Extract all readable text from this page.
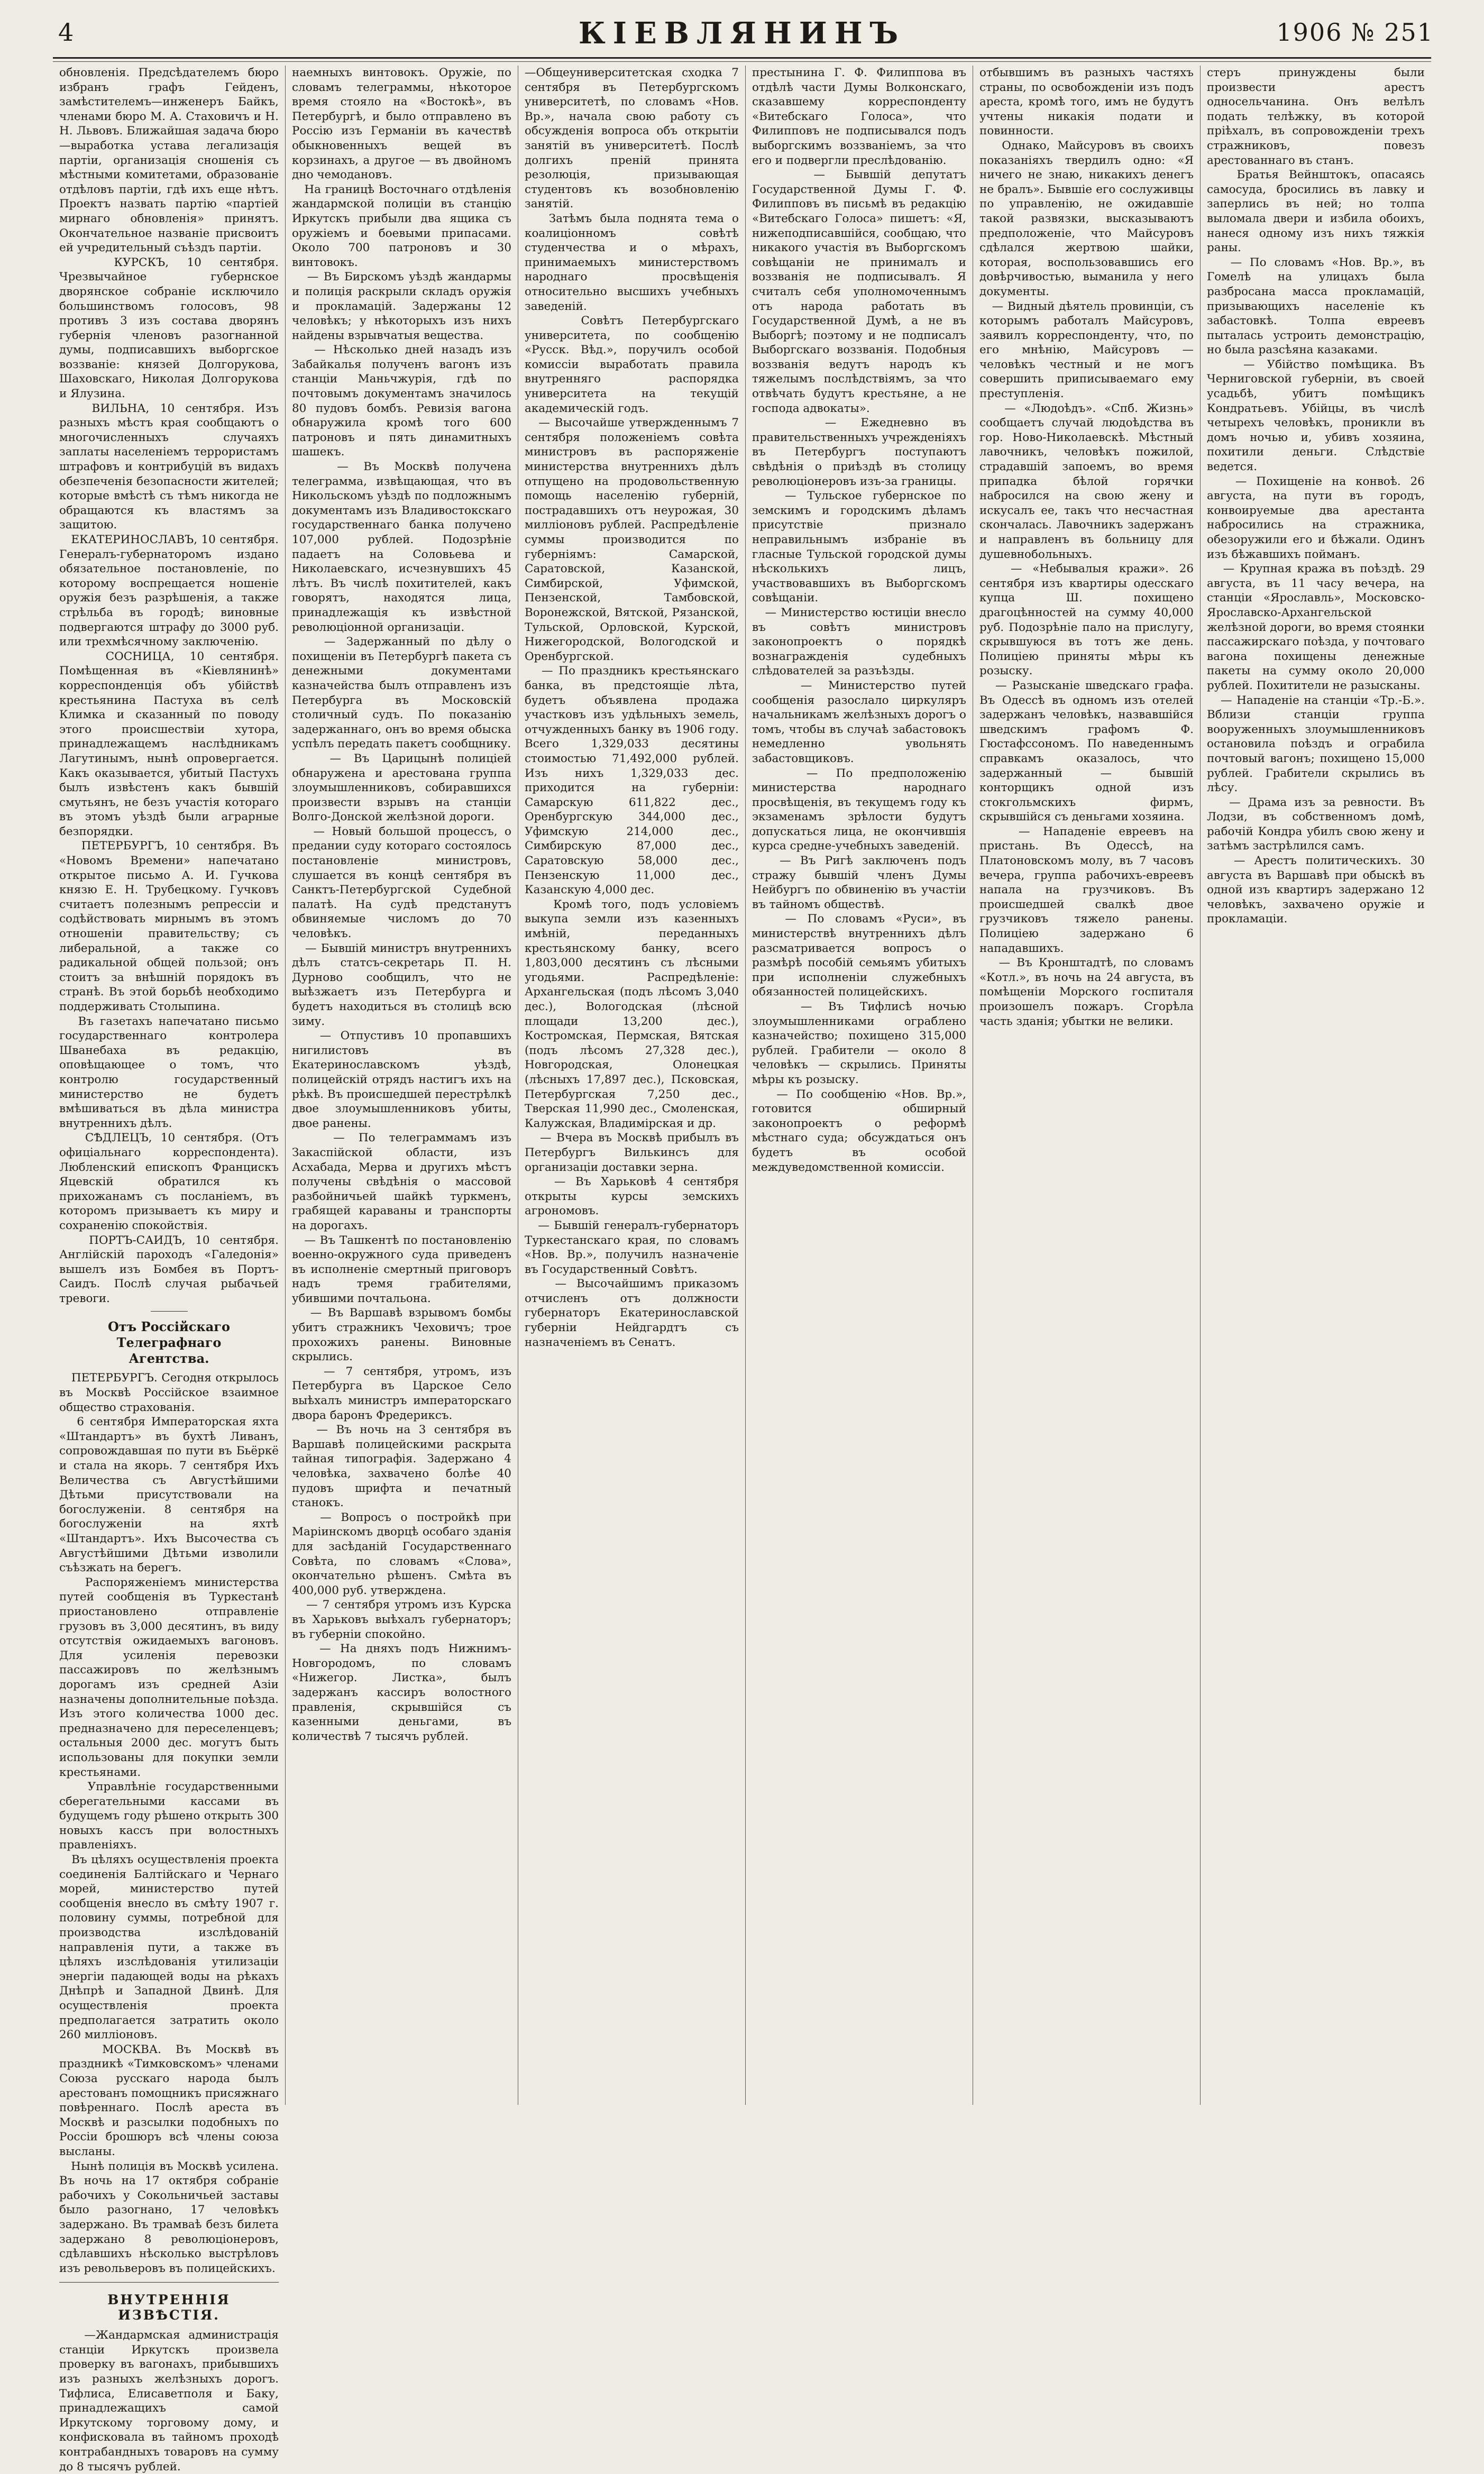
4	КІЕВЛЯНИНЪ	1906 № 251
обновленія. Предсѣдателемъ бюро избранъ графъ Гейденъ, замѣстителемъ—инженеръ Байкъ, членами бюро М. А. Стаховичъ и Н. Н. Львовъ. Ближайшая задача бюро—выработка устава легализація партіи, организація сношенія съ мѣстными комитетами, образованіе отдѣловъ партіи, гдѣ ихъ еще нѣтъ. Проектъ назвать партію «партіей мирнаго обновленія» принятъ. Окончательное названіе присвоитъ ей учредительный съѣздъ партіи.
КУРСКЪ, 10 сентября. Чрезвычайное губернское дворянское собраніе исключило большинствомъ голосовъ, 98 противъ 3 изъ состава дворянъ губернія членовъ разогнанной думы, подписавшихъ выборгское воззваніе: князей Долгорукова, Шаховскаго, Николая Долгорукова и Ялузина.
ВИЛЬНА, 10 сентября. Изъ разныхъ мѣстъ края сообщаютъ о многочисленныхъ случаяхъ заплаты населеніемъ террористамъ штрафовъ и контрибуцій въ видахъ обезпеченія безопасности жителей; которые вмѣстѣ съ тѣмъ никогда не обращаются къ властямъ за защитою.
ЕКАТЕРИНОСЛАВЪ, 10 сентября. Генералъ-губернаторомъ издано обязательное постановленіе, по которому воспрещается ношеніе оружія безъ разрѣшенія, а также стрѣльба въ городѣ; виновные подвергаются штрафу до 3000 руб. или трехмѣсячному заключенію.
СОСНИЦА, 10 сентября. Помѣщенная въ «Кіевлянинѣ» корреспонденція объ убійствѣ крестьянина Пастуха въ селѣ Климка и сказанный по поводу этого происшествіи хутора, принадлежащемъ наслѣдникамъ Лагутинымъ, нынѣ опровергается. Какъ оказывается, убитый Пастухъ былъ извѣстенъ какъ бывшій смутьянъ, не безъ участія котораго въ этомъ уѣздѣ были аграрные безпорядки.
ПЕТЕРБУРГЪ, 10 сентября. Въ «Новомъ Времени» напечатано открытое письмо А. И. Гучкова князю Е. Н. Трубецкому. Гучковъ считаетъ полезнымъ репрессіи и содѣйствовать мирнымъ въ этомъ отношеніи правительству; съ либеральной, а также со радикальной общей пользой; онъ стоитъ за внѣшній порядокъ въ странѣ. Въ этой борьбѣ необходимо поддерживать Столыпина.
Въ газетахъ напечатано письмо государственнаго контролера Шванебаха въ редакцію, оповѣщающее о томъ, что контролю государственный министерство не будетъ вмѣшиваться въ дѣла министра внутреннихъ дѣлъ.
СѢДЛЕЦЪ, 10 сентября. (Отъ офиціальнаго корреспондента). Любленский епископъ Францискъ Яцевскій обратился къ прихожанамъ съ посланіемъ, въ которомъ призываетъ къ миру и сохраненію спокойствія.
ПОРТЪ-САИДЪ, 10 сентября. Англійскій пароходъ «Галедонія» вышелъ изъ Бомбея въ Портъ-Саидъ. Послѣ случая рыбачьей тревоги.
Отъ Россійскаго Телеграфнаго
Агентства.
ПЕТЕРБУРГЪ. Сегодня открылось въ Москвѣ Россійское взаимное общество страхованія.
6 сентября Императорская яхта «Штандартъ» въ бухтѣ Ливанъ, сопровождавшая по пути въ Бьёркё и стала на якорь. 7 сентября Ихъ Величества съ Августѣйшими Дѣтьми присутствовали на богослуженіи. 8 сентября на богослуженіи на яхтѣ «Штандартъ». Ихъ Высочества съ Августѣйшими Дѣтьми изволили съѣзжать на берегъ.
Распоряженіемъ министерства путей сообщенія въ Туркестанѣ приостановлено отправленіе грузовъ въ 3,000 десятинъ, въ виду отсутствія ожидаемыхъ вагоновъ. Для усиленія перевозки пассажировъ по желѣзнымъ дорогамъ изъ средней Азіи назначены дополнительные поѣзда. Изъ этого количества 1000 дес. предназначено для переселенцевъ; остальныя 2000 дес. могутъ быть использованы для покупки земли крестьянами.
Управлѣніе государственными сберегательными кассами въ будущемъ году рѣшено открыть 300 новыхъ кассъ при волостныхъ правленіяхъ.
Въ цѣляхъ осуществленія проекта соединенія Балтійскаго и Чернаго морей, министерство путей сообщенія внесло въ смѣту 1907 г. половину суммы, потребной для производства изслѣдованій направленія пути, а также въ цѣляхъ изслѣдованія утилизаціи энергіи падающей воды на рѣкахъ Днѣпрѣ и Западной Двинѣ. Для осуществленія проекта предполагается затратить около 260 милліоновъ.
МОСКВА. Въ Москвѣ въ праздникѣ «Тимковскомъ» членами Союза русскаго народа былъ арестованъ помощникъ присяжнаго повѣреннаго. Послѣ ареста въ Москвѣ и разсылки подобныхъ по Россіи брошюръ всѣ члены союза высланы.
Нынѣ полиція въ Москвѣ усилена. Въ ночь на 17 октября собраніе рабочихъ у Сокольничьей заставы было разогнано, 17 человѣкъ задержано. Въ трамваѣ безъ билета задержано 8 революціонеровъ, сдѣлавшихъ нѣсколько выстрѣловъ изъ револьверовъ въ полицейскихъ.
ВНУТРЕННІЯ ИЗВѢСТІЯ.
—Жандармская администрація станціи Иркутскъ произвела проверку въ вагонахъ, прибывшихъ изъ разныхъ желѣзныхъ дорогъ. Тифлиса, Елисаветполя и Баку, принадлежащихъ самой Иркутскому торговому дому, и конфисковала въ тайномъ проходѣ контрабандныхъ товаровъ на сумму до 8 тысячъ рублей.
наемныхъ винтовокъ. Оружіе, по словамъ телеграммы, нѣкоторое время стояло на «Востокѣ», въ Петербургѣ, и было отправлено въ Россію изъ Германіи въ качествѣ обыкновенныхъ вещей въ корзинахъ, а другое — въ двойномъ дно чемодановъ.
На границѣ Восточнаго отдѣленія жандармской полиціи въ станцію Иркутскъ прибыли два ящика съ оружіемъ и боевыми припасами. Около 700 патроновъ и 30 винтовокъ.
— Въ Бирскомъ уѣздѣ жандармы и полиція раскрыли складъ оружія и прокламацій. Задержаны 12 человѣкъ; у нѣкоторыхъ изъ нихъ найдены взрывчатыя вещества.
— Нѣсколько дней назадъ изъ Забайкалья полученъ вагонъ изъ станціи Маньчжурія, гдѣ по почтовымъ документамъ значилось 80 пудовъ бомбъ. Ревизія вагона обнаружила кромѣ того 600 патроновъ и пять динамитныхъ шашекъ.
— Въ Москвѣ получена телеграмма, извѣщающая, что въ Никольскомъ уѣздѣ по подложнымъ документамъ изъ Владивостокскаго государственнаго банка получено 107,000 рублей. Подозрѣніе падаетъ на Соловьева и Николаевскаго, исчезнувшихъ 45 лѣтъ. Въ числѣ похитителей, какъ говорятъ, находятся лица, принадлежащія къ извѣстной революціонной организаціи.
— Задержанный по дѣлу о похищеніи въ Петербургѣ пакета съ денежными документами казначейства былъ отправленъ изъ Петербурга въ Московскій столичный судъ. По показанію задержаннаго, онъ во время обыска успѣлъ передать пакетъ сообщнику.
— Въ Царицынѣ полиціей обнаружена и арестована группа злоумышленниковъ, собиравшихся произвести взрывъ на станціи Волго-Донской желѣзной дороги.
— Новый большой процессъ, о предании суду котораго состоялось постановленіе министровъ, слушается въ концѣ сентября въ Санктъ-Петербургской Судебной палатѣ. На судѣ предстанутъ обвиняемые числомъ до 70 человѣкъ.
— Бывшій министръ внутреннихъ дѣлъ статсъ-секретарь П. Н. Дурново сообщилъ, что не выѣзжаетъ изъ Петербурга и будетъ находиться въ столицѣ всю зиму.
— Отпустивъ 10 пропавшихъ нигилистовъ въ Екатеринославскомъ уѣздѣ, полицейскій отрядъ настигъ ихъ на рѣкѣ. Въ происшедшей перестрѣлкѣ двое злоумышленниковъ убиты, двое ранены.
— По телеграммамъ изъ Закаспійской области, изъ Асхабада, Мерва и другихъ мѣстъ получены свѣдѣнія о массовой разбойничьей шайкѣ туркменъ, грабящей караваны и транспорты на дорогахъ.
— Въ Ташкентѣ по постановленію военно-окружного суда приведенъ въ исполненіе смертный приговоръ надъ тремя грабителями, убившими почтальона.
— Въ Варшавѣ взрывомъ бомбы убитъ стражникъ Чеховичъ; трое прохожихъ ранены. Виновные скрылись.
— 7 сентября, утромъ, изъ Петербурга въ Царское Село выѣхалъ министръ императорскаго двора баронъ Фредериксъ.
— Въ ночь на 3 сентября въ Варшавѣ полицейскими раскрыта тайная типографія. Задержано 4 человѣка, захвачено болѣе 40 пудовъ шрифта и печатный станокъ.
— Вопросъ о постройкѣ при Маріинскомъ дворцѣ особаго зданія для засѣданій Государственнаго Совѣта, по словамъ «Слова», окончательно рѣшенъ. Смѣта въ 400,000 руб. утверждена.
— 7 сентября утромъ изъ Курска въ Харьковъ выѣхалъ губернаторъ; въ губерніи спокойно.
— На дняхъ подъ Нижнимъ-Новгородомъ, по словамъ «Нижегор. Листка», былъ задержанъ кассиръ волостного правленія, скрывшійся съ казенными деньгами, въ количествѣ 7 тысячъ рублей.
—Общеуниверситетская сходка 7 сентября въ Петербургскомъ университетѣ, по словамъ «Нов. Вр.», начала свою работу съ обсужденія вопроса объ открытіи занятій въ университетѣ. Послѣ долгихъ преній принята резолюція, призывающая студентовъ къ возобновленію занятій.
Затѣмъ была поднята тема о коалиціонномъ совѣтѣ студенчества и о мѣрахъ, принимаемыхъ министерствомъ народнаго просвѣщенія относительно высшихъ учебныхъ заведеній.
Совѣтъ Петербургскаго университета, по сообщенію «Русск. Вѣд.», поручилъ особой комиссіи выработать правила внутренняго распорядка университета на текущій академическій годъ.
— Высочайше утвержденнымъ 7 сентября положеніемъ совѣта министровъ въ распоряженіе министерства внутреннихъ дѣлъ отпущено на продовольственную помощь населенію губерній, пострадавшихъ отъ неурожая, 30 милліоновъ рублей. Распредѣленіе суммы производится по губерніямъ: Самарской, Саратовской, Казанской, Симбирской, Уфимской, Пензенской, Тамбовской, Воронежской, Вятской, Рязанской, Тульской, Орловской, Курской, Нижегородской, Вологодской и Оренбургской.
— По праздникъ крестьянскаго банка, въ предстоящіе лѣта, будетъ объявлена продажа участковъ изъ удѣльныхъ земель, отчужденныхъ банку въ 1906 году. Всего 1,329,033 десятины стоимостью 71,492,000 рублей. Изъ нихъ 1,329,033 дес. приходится на губерніи: Самарскую 611,822 дес., Оренбургскую 344,000 дес., Уфимскую 214,000 дес., Симбирскую 87,000 дес., Саратовскую 58,000 дес., Пензенскую 11,000 дес., Казанскую 4,000 дес.
Кромѣ того, подъ условіемъ выкупа земли изъ казенныхъ имѣній, переданныхъ крестьянскому банку, всего 1,803,000 десятинъ съ лѣсными угодьями. Распредѣленіе: Архангельская (подъ лѣсомъ 3,040 дес.), Вологодская (лѣсной площади 13,200 дес.), Костромская, Пермская, Вятская (подъ лѣсомъ 27,328 дес.), Новгородская, Олонецкая (лѣсныхъ 17,897 дес.), Псковская, Петербургская 7,250 дес., Тверская 11,990 дес., Смоленская, Калужская, Владимірская и др.
— Вчера въ Москвѣ прибылъ въ Петербургъ Вилькинсъ для организаціи доставки зерна.
— Въ Харьковѣ 4 сентября открыты курсы земскихъ агрономовъ.
— Бывшій генералъ-губернаторъ Туркестанскаго края, по словамъ «Нов. Вр.», получилъ назначеніе въ Государственный Совѣтъ.
— Высочайшимъ приказомъ отчисленъ отъ должности губернаторъ Екатеринославской губерніи Нейдгардтъ съ назначеніемъ въ Сенатъ.
престынина Г. Ф. Филиппова въ отдѣлѣ части Думы Волконскаго, сказавшему корреспонденту «Витебскаго Голоса», что Филипповъ не подписывался подъ выборгскимъ воззваніемъ, за что его и подвергли преслѣдованію.
— Бывшій депутатъ Государственной Думы Г. Ф. Филипповъ въ письмѣ въ редакцію «Витебскаго Голоса» пишетъ: «Я, нижеподписавшійся, сообщаю, что никакого участія въ Выборгскомъ совѣщаніи не принималъ и воззванія не подписывалъ. Я считалъ себя уполномоченнымъ отъ народа работать въ Государственной Думѣ, а не въ Выборгѣ; поэтому и не подписалъ Выборгскаго воззванія. Подобныя воззванія ведутъ народъ къ тяжелымъ послѣдствіямъ, за что отвѣчать будутъ крестьяне, а не господа адвокаты».
— Ежедневно въ правительственныхъ учрежденіяхъ въ Петербургъ поступаютъ свѣдѣнія о приѣздѣ въ столицу революціонеровъ изъ-за границы.
— Тульское губернское по земскимъ и городскимъ дѣламъ присутствіе признало неправильнымъ избраніе въ гласные Тульской городской думы нѣсколькихъ лицъ, участвовавшихъ въ Выборгскомъ совѣщаніи.
— Министерство юстиціи внесло въ совѣтъ министровъ законопроектъ о порядкѣ вознагражденія судебныхъ слѣдователей за разъѣзды.
— Министерство путей сообщенія разослало циркуляръ начальникамъ желѣзныхъ дорогъ о томъ, чтобы въ случаѣ забастовокъ немедленно увольнять забастовщиковъ.
— По предположенію министерства народнаго просвѣщенія, въ текущемъ году къ экзаменамъ зрѣлости будутъ допускаться лица, не окончившія курса средне-учебныхъ заведеній.
— Въ Ригѣ заключенъ подъ стражу бывшій членъ Думы Нейбургъ по обвиненію въ участіи въ тайномъ обществѣ.
— По словамъ «Руси», въ министерствѣ внутреннихъ дѣлъ разсматривается вопросъ о размѣрѣ пособій семьямъ убитыхъ при исполненіи служебныхъ обязанностей полицейскихъ.
— Въ Тифлисѣ ночью злоумышленниками ограблено казначейство; похищено 315,000 рублей. Грабители — около 8 человѣкъ — скрылись. Приняты мѣры къ розыску.
— По сообщенію «Нов. Вр.», готовится обширный законопроектъ о реформѣ мѣстнаго суда; обсуждаться онъ будетъ въ особой междуведомственной комиссіи.
отбывшимъ въ разныхъ частяхъ страны, по освобожденіи изъ подъ ареста, кромѣ того, имъ не будутъ учтены никакія подати и повинности.
Однако, Майсуровъ въ своихъ показаніяхъ твердилъ одно: «Я ничего не знаю, никакихъ денегъ не бралъ». Бывшіе его сослуживцы по управленію, не ожидавшіе такой развязки, высказываютъ предположеніе, что Майсуровъ сдѣлался жертвою шайки, которая, воспользовавшись его довѣрчивостью, выманила у него документы.
— Видный дѣятель провинціи, съ которымъ работалъ Майсуровъ, заявилъ корреспонденту, что, по его мнѣнію, Майсуровъ — человѣкъ честный и не могъ совершить приписываемаго ему преступленія.
— «Людоѣдъ». «Спб. Жизнь» сообщаетъ случай людоѣдства въ гор. Ново-Николаевскѣ. Мѣстный лавочникъ, человѣкъ пожилой, страдавшій запоемъ, во время припадка бѣлой горячки набросился на свою жену и искусалъ ее, такъ что несчастная скончалась. Лавочникъ задержанъ и направленъ въ больницу для душевнобольныхъ.
— «Небывалыя кражи». 26 сентября изъ квартиры одесскаго купца Ш. похищено драгоцѣнностей на сумму 40,000 руб. Подозрѣніе пало на прислугу, скрывшуюся въ тотъ же день. Полиціею приняты мѣры къ розыску.
— Разысканіе шведскаго графа. Въ Одессѣ въ одномъ изъ отелей задержанъ человѣкъ, назвавшійся шведскимъ графомъ Ф. Гюстафссономъ. По наведеннымъ справкамъ оказалось, что задержанный — бывшій конторщикъ одной изъ стокгольмскихъ фирмъ, скрывшійся съ деньгами хозяина.
— Нападеніе евреевъ на пристань. Въ Одессѣ, на Платоновскомъ молу, въ 7 часовъ вечера, группа рабочихъ-евреевъ напала на грузчиковъ. Въ происшедшей свалкѣ двое грузчиковъ тяжело ранены. Полиціею задержано 6 нападавшихъ.
— Въ Кронштадтѣ, по словамъ «Котл.», въ ночь на 24 августа, въ помѣщеніи Морского госпиталя произошелъ пожаръ. Сгорѣла часть зданія; убытки не велики.
стеръ принуждены были произвести арестъ односельчанина. Онъ велѣлъ подать телѣжку, въ которой пріѣхалъ, въ сопровожденіи трехъ стражниковъ, повезъ арестованнаго въ станъ.
Братья Вейнштокъ, опасаясь самосуда, бросились въ лавку и заперлись въ ней; но толпа выломала двери и избила обоихъ, нанеся одному изъ нихъ тяжкія раны.
— По словамъ «Нов. Вр.», въ Гомелѣ на улицахъ была разбросана масса прокламацій, призывающихъ населеніе къ забастовкѣ. Толпа евреевъ пыталась устроить демонстрацію, но была разсѣяна казаками.
— Убійство помѣщика. Въ Черниговской губерніи, въ своей усадьбѣ, убитъ помѣщикъ Кондратьевъ. Убійцы, въ числѣ четырехъ человѣкъ, проникли въ домъ ночью и, убивъ хозяина, похитили деньги. Слѣдствіе ведется.
— Похищеніе на конвоѣ. 26 августа, на пути въ городъ, конвоируемые два арестанта набросились на стражника, обезоружили его и бѣжали. Одинъ изъ бѣжавшихъ пойманъ.
— Крупная кража въ поѣздѣ. 29 августа, въ 11 часу вечера, на станціи «Ярославль», Московско-Ярославско-Архангельской желѣзной дороги, во время стоянки пассажирскаго поѣзда, у почтоваго вагона похищены денежные пакеты на сумму около 20,000 рублей. Похитители не разысканы.
— Нападеніе на станціи «Тр.-Б.». Вблизи станціи группа вооруженныхъ злоумышленниковъ остановила поѣздъ и ограбила почтовый вагонъ; похищено 15,000 рублей. Грабители скрылись въ лѣсу.
— Драма изъ за ревности. Въ Лодзи, въ собственномъ домѣ, рабочій Кондра убилъ свою жену и затѣмъ застрѣлился самъ.
— Арестъ политическихъ. 30 августа въ Варшавѣ при обыскѣ въ одной изъ квартиръ задержано 12 человѣкъ, захвачено оружіе и прокламаціи.
